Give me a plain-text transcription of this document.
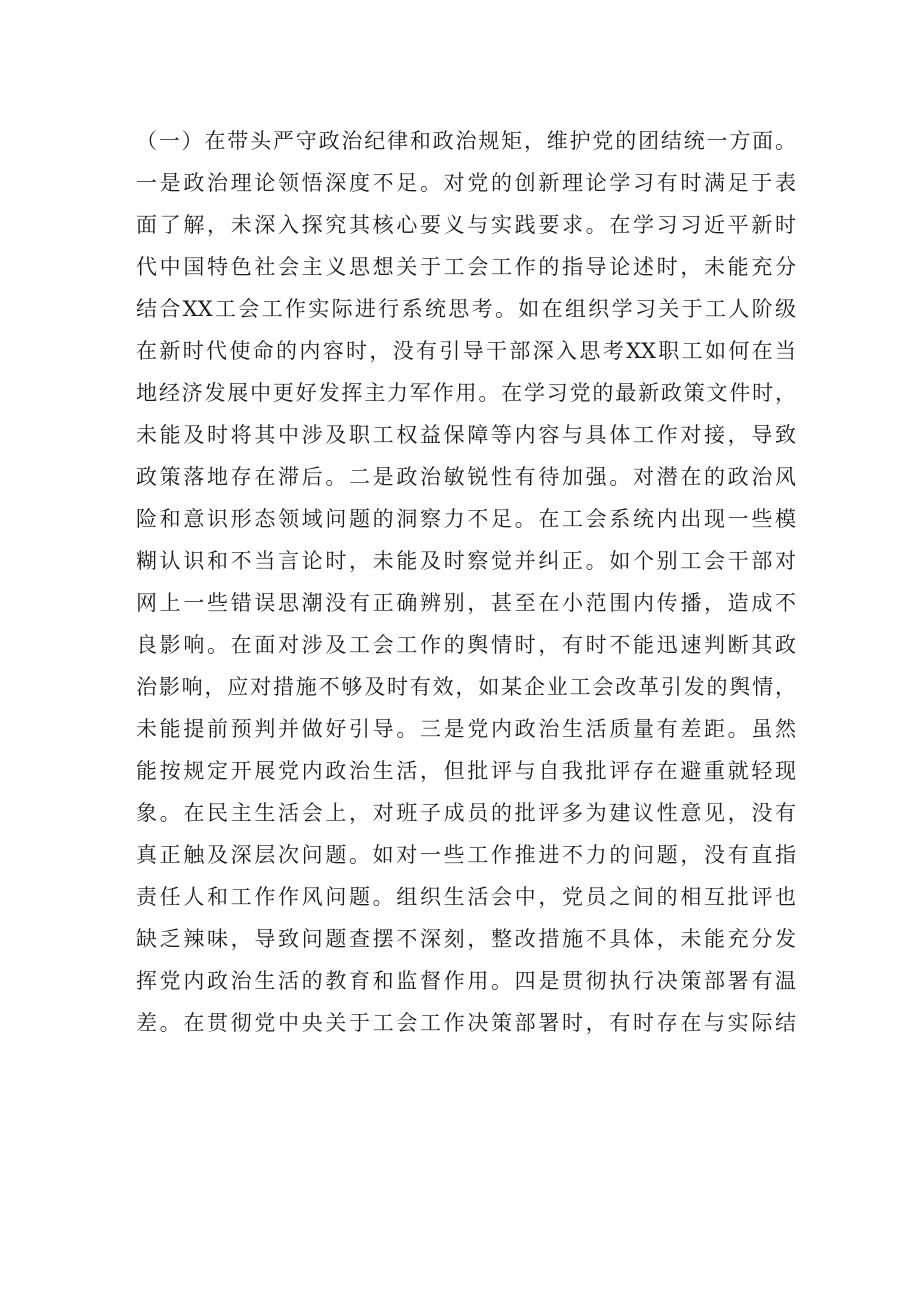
（一）在带头严守政治纪律和政治规矩，维护党的团结统一方面。
一是政治理论领悟深度不足。对党的创新理论学习有时满足于表
面了解，未深入探究其核心要义与实践要求。在学习习近平新时
代中国特色社会主义思想关于工会工作的指导论述时，未能充分
结合XX工会工作实际进行系统思考。如在组织学习关于工人阶级
在新时代使命的内容时，没有引导干部深入思考XX职工如何在当
地经济发展中更好发挥主力军作用。在学习党的最新政策文件时，
未能及时将其中涉及职工权益保障等内容与具体工作对接，导致
政策落地存在滞后。二是政治敏锐性有待加强。对潜在的政治风
险和意识形态领域问题的洞察力不足。在工会系统内出现一些模
糊认识和不当言论时，未能及时察觉并纠正。如个别工会干部对
网上一些错误思潮没有正确辨别，甚至在小范围内传播，造成不
良影响。在面对涉及工会工作的舆情时，有时不能迅速判断其政
治影响，应对措施不够及时有效，如某企业工会改革引发的舆情，
未能提前预判并做好引导。三是党内政治生活质量有差距。虽然
能按规定开展党内政治生活，但批评与自我批评存在避重就轻现
象。在民主生活会上，对班子成员的批评多为建议性意见，没有
真正触及深层次问题。如对一些工作推进不力的问题，没有直指
责任人和工作作风问题。组织生活会中，党员之间的相互批评也
缺乏辣味，导致问题查摆不深刻，整改措施不具体，未能充分发
挥党内政治生活的教育和监督作用。四是贯彻执行决策部署有温
差。在贯彻党中央关于工会工作决策部署时，有时存在与实际结
